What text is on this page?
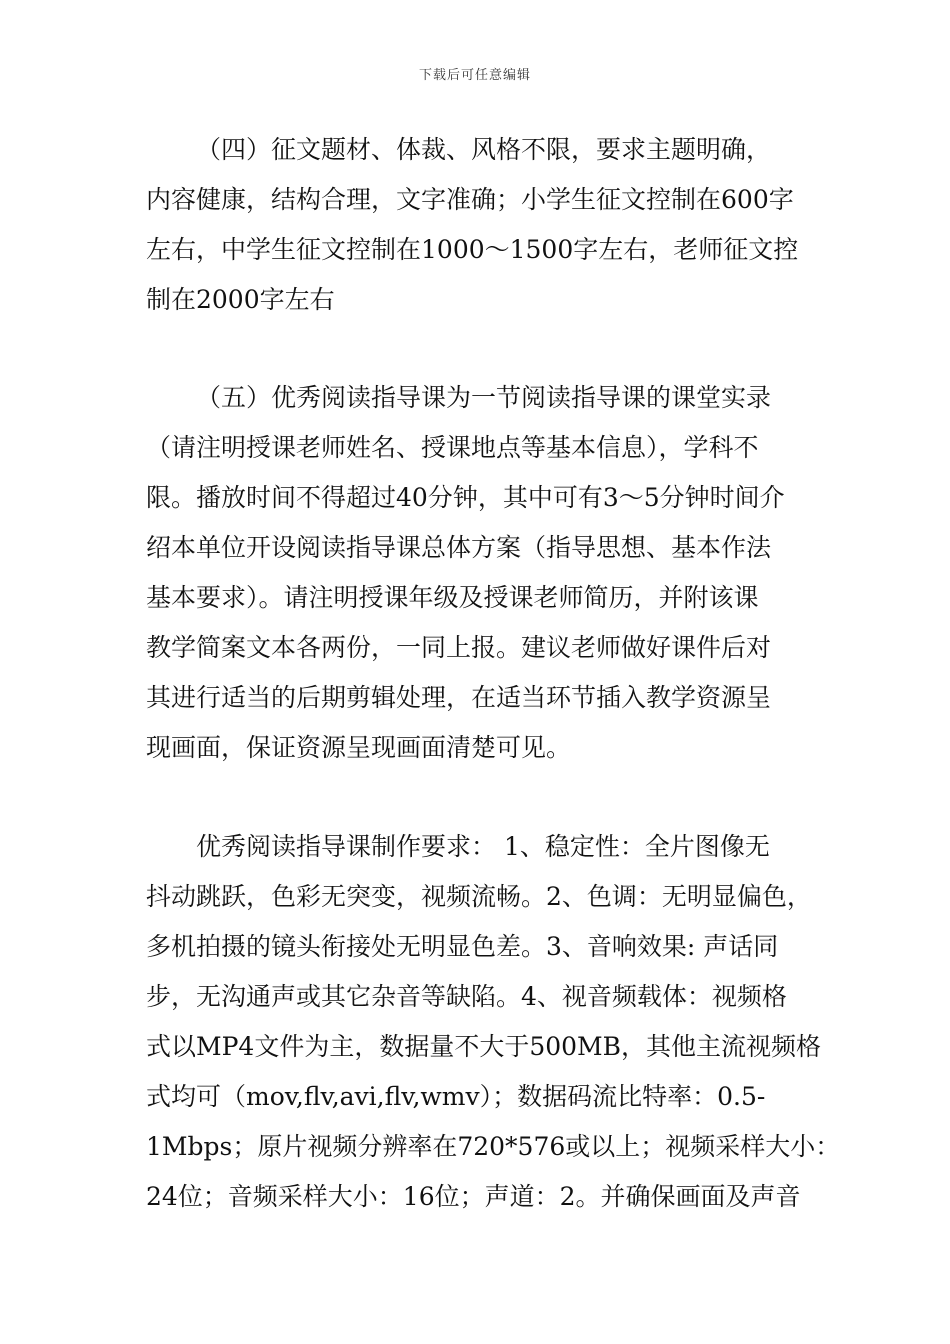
下载后可任意编辑
（四）征文题材、体裁、风格不限，要求主题明确，
内容健康，结构合理，文字准确；小学生征文控制在600字
左右，中学生征文控制在1000～1500字左右，老师征文控
制在2000字左右
（五）优秀阅读指导课为一节阅读指导课的课堂实录
（请注明授课老师姓名、授课地点等基本信息），学科不
限。播放时间不得超过40分钟，其中可有3～5分钟时间介
绍本单位开设阅读指导课总体方案（指导思想、基本作法
基本要求）。请注明授课年级及授课老师简历，并附该课
教学简案文本各两份，一同上报。建议老师做好课件后对
其进行适当的后期剪辑处理，在适当环节插入教学资源呈
现画面，保证资源呈现画面清楚可见。
优秀阅读指导课制作要求： 1、稳定性：全片图像无
抖动跳跃，色彩无突变，视频流畅。2、色调：无明显偏色，
多机拍摄的镜头衔接处无明显色差。3、音响效果: 声话同
步，无沟通声或其它杂音等缺陷。4、视音频载体：视频格
式以MP4文件为主，数据量不大于500MB，其他主流视频格
式均可（mov,flv,avi,flv,wmv）；数据码流比特率：0.5-
1Mbps；原片视频分辨率在720*576或以上；视频采样大小：
24位；音频采样大小：16位；声道：2。并确保画面及声音
